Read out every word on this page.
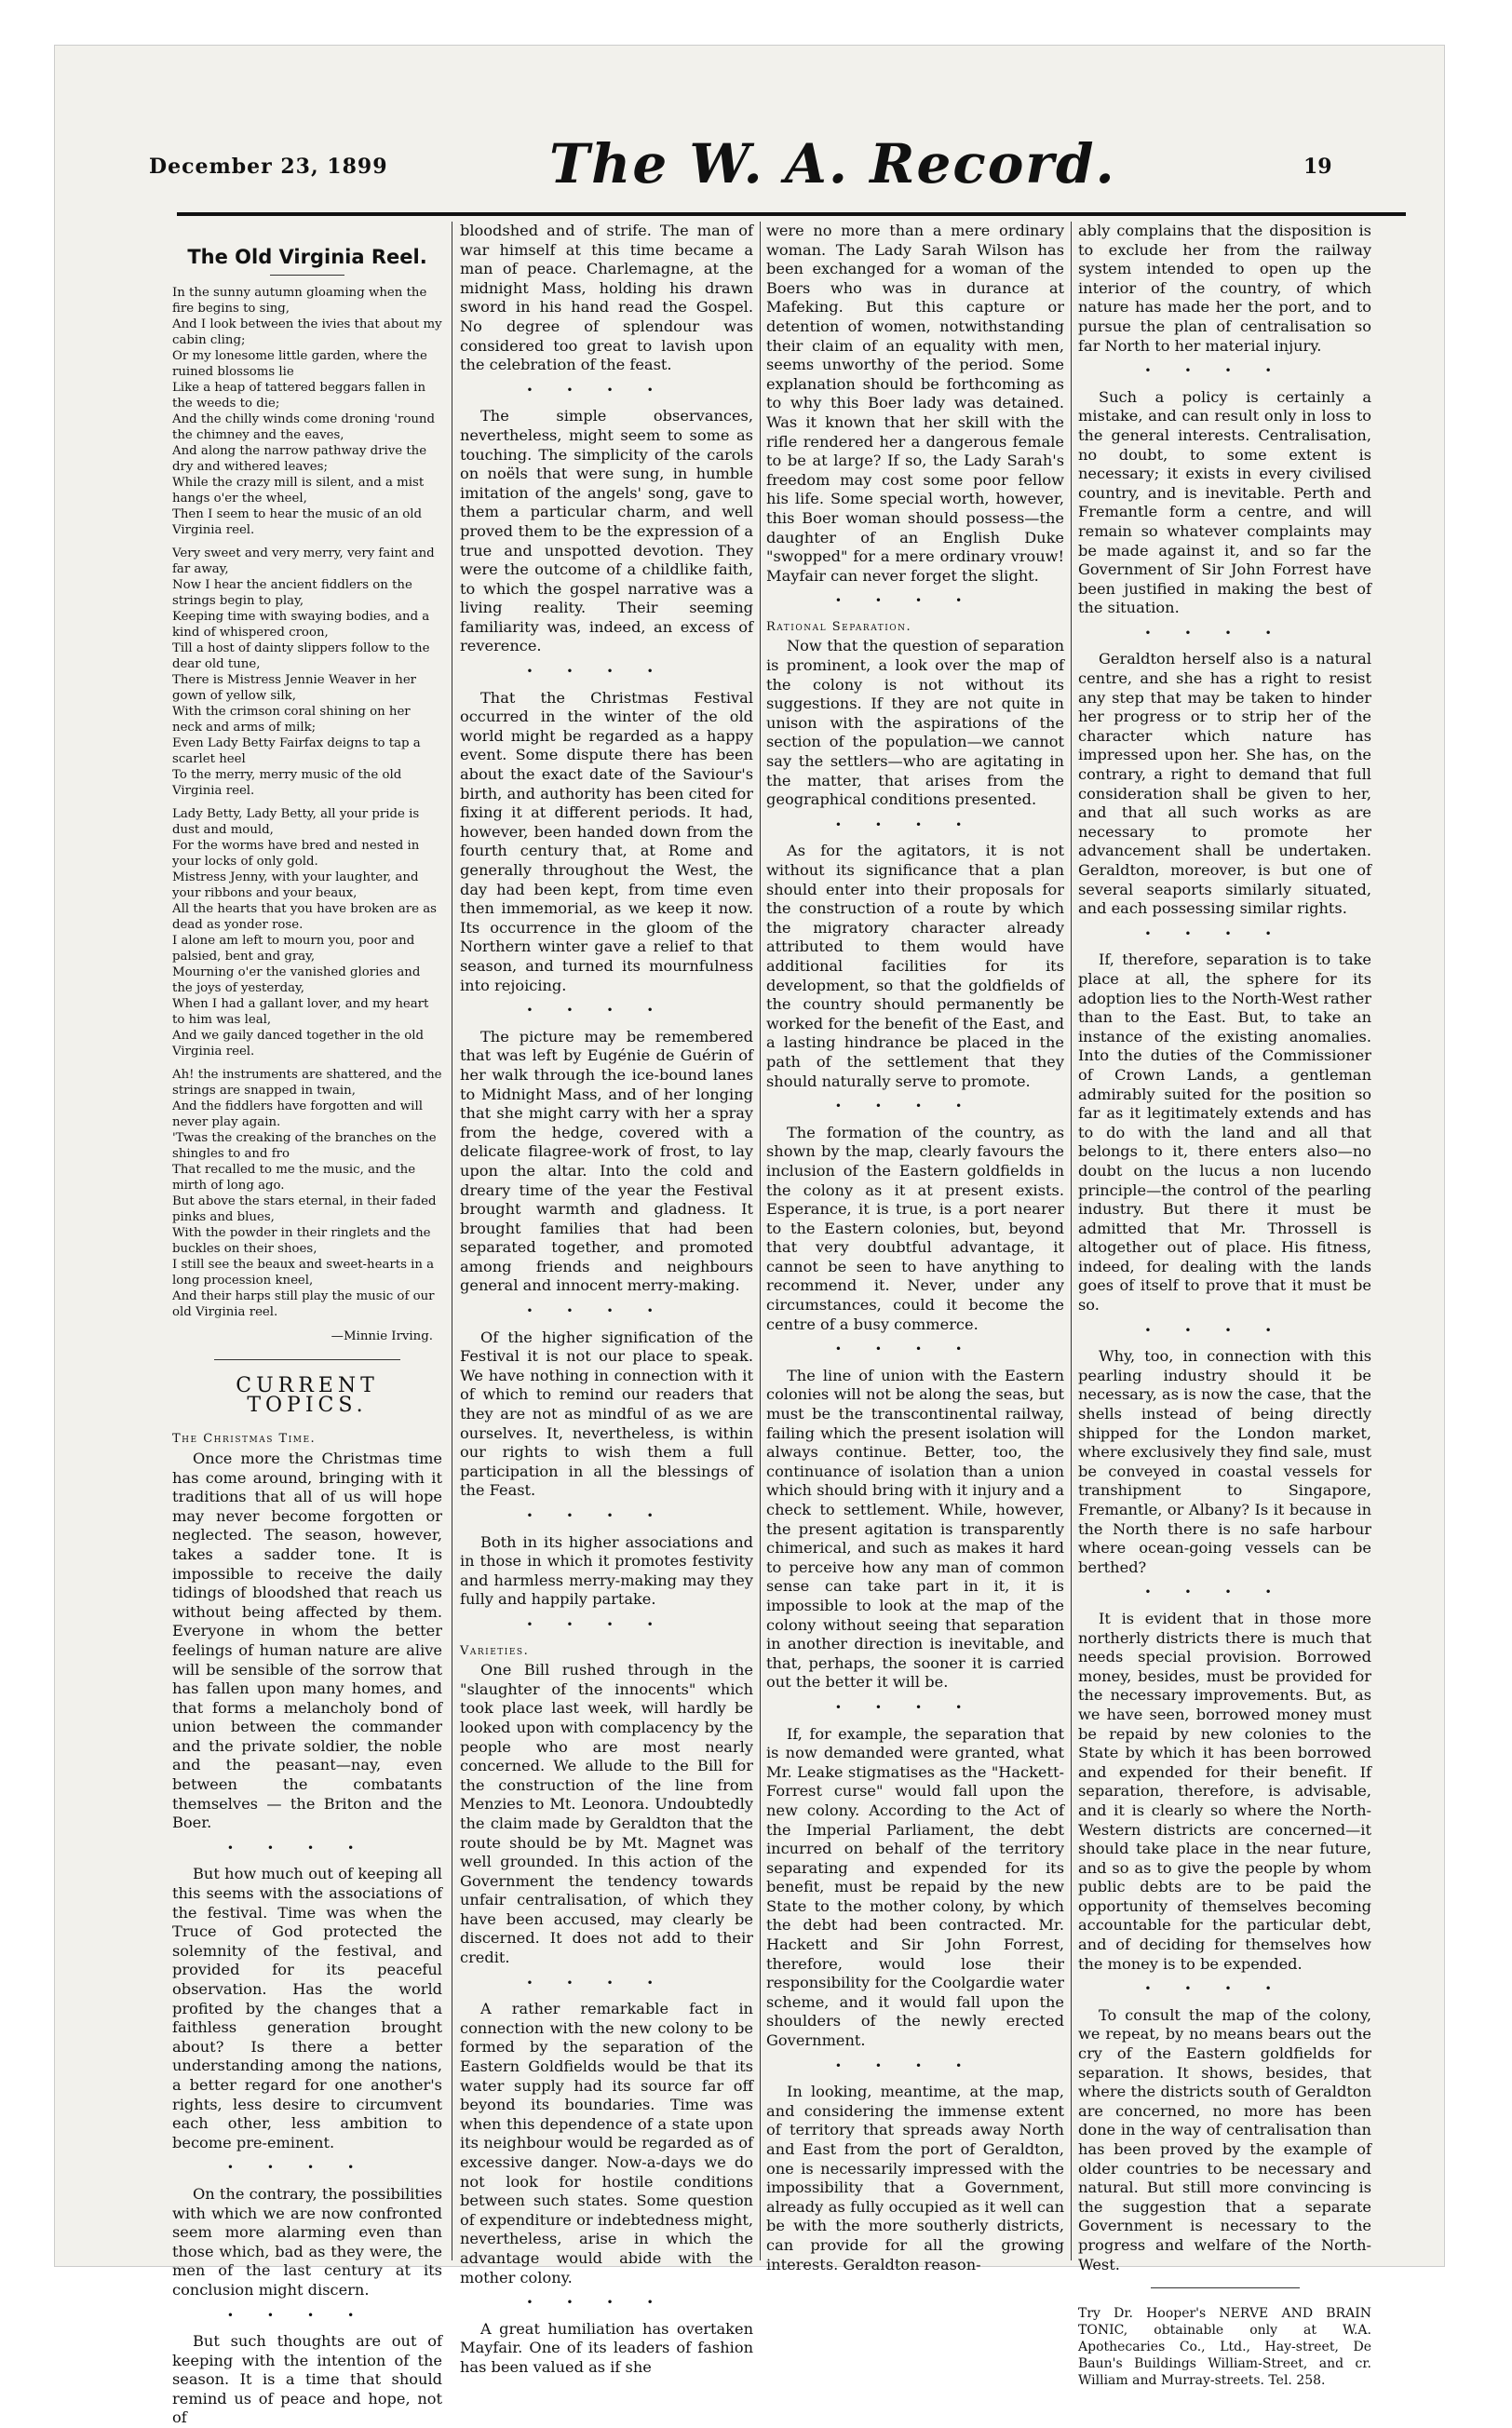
December 23, 1899	The W. A. Record.	19
The Old Virginia Reel.
In the sunny autumn gloaming when the fire begins to sing,
And I look between the ivies that about my cabin cling;
Or my lonesome little garden, where the ruined blossoms lie
Like a heap of tattered beggars fallen in the weeds to die;
And the chilly winds come droning 'round the chimney and the eaves,
And along the narrow pathway drive the dry and withered leaves;
While the crazy mill is silent, and a mist hangs o'er the wheel,
Then I seem to hear the music of an old Virginia reel.
Very sweet and very merry, very faint and far away,
Now I hear the ancient fiddlers on the strings begin to play,
Keeping time with swaying bodies, and a kind of whispered croon,
Till a host of dainty slippers follow to the dear old tune,
There is Mistress Jennie Weaver in her gown of yellow silk,
With the crimson coral shining on her neck and arms of milk;
Even Lady Betty Fairfax deigns to tap a scarlet heel
To the merry, merry music of the old Virginia reel.
Lady Betty, Lady Betty, all your pride is dust and mould,
For the worms have bred and nested in your locks of only gold.
Mistress Jenny, with your laughter, and your ribbons and your beaux,
All the hearts that you have broken are as dead as yonder rose.
I alone am left to mourn you, poor and palsied, bent and gray,
Mourning o'er the vanished glories and the joys of yesterday,
When I had a gallant lover, and my heart to him was leal,
And we gaily danced together in the old Virginia reel.
Ah! the instruments are shattered, and the strings are snapped in twain,
And the fiddlers have forgotten and will never play again.
'Twas the creaking of the branches on the shingles to and fro
That recalled to me the music, and the mirth of long ago.
But above the stars eternal, in their faded pinks and blues,
With the powder in their ringlets and the buckles on their shoes,
I still see the beaux and sweet-hearts in a long procession kneel,
And their harps still play the music of our old Virginia reel.
—Minnie Irving.
CURRENT TOPICS.
The Christmas Time.

Once more the Christmas time has come around, bringing with it traditions that all of us will hope may never become forgotten or neglected. The season, however, takes a sadder tone. It is impossible to receive the daily tidings of bloodshed that reach us without being affected by them. Everyone in whom the better feelings of human nature are alive will be sensible of the sorrow that has fallen upon many homes, and that forms a melancholy bond of union between the commander and the private soldier, the noble and the peasant—nay, even between the combatants themselves — the Briton and the Boer.

••••

But how much out of keeping all this seems with the associations of the festival. Time was when the Truce of God protected the solemnity of the festival, and provided for its peaceful observation. Has the world profited by the changes that a faithless generation brought about? Is there a better understanding among the nations, a better regard for one another's rights, less desire to circumvent each other, less ambition to become pre-eminent.

••••

On the contrary, the possibilities with which we are now confronted seem more alarming even than those which, bad as they were, the men of the last century at its conclusion might discern.

••••

But such thoughts are out of keeping with the intention of the season. It is a time that should remind us of peace and hope, not of

bloodshed and of strife. The man of war himself at this time became a man of peace. Charlemagne, at the midnight Mass, holding his drawn sword in his hand read the Gospel. No degree of splendour was considered too great to lavish upon the celebration of the feast.

••••

The simple observances, nevertheless, might seem to some as touching. The simplicity of the carols on noëls that were sung, in humble imitation of the angels' song, gave to them a particular charm, and well proved them to be the expression of a true and unspotted devotion. They were the outcome of a childlike faith, to which the gospel narrative was a living reality. Their seeming familiarity was, indeed, an excess of reverence.

••••

That the Christmas Festival occurred in the winter of the old world might be regarded as a happy event. Some dispute there has been about the exact date of the Saviour's birth, and authority has been cited for fixing it at different periods. It had, however, been handed down from the fourth century that, at Rome and generally throughout the West, the day had been kept, from time even then immemorial, as we keep it now. Its occurrence in the gloom of the Northern winter gave a relief to that season, and turned its mournfulness into rejoicing.

••••

The picture may be remembered that was left by Eugénie de Guérin of her walk through the ice-bound lanes to Midnight Mass, and of her longing that she might carry with her a spray from the hedge, covered with a delicate filagree-work of frost, to lay upon the altar. Into the cold and dreary time of the year the Festival brought warmth and gladness. It brought families that had been separated together, and promoted among friends and neighbours general and innocent merry-making.

••••

Of the higher signification of the Festival it is not our place to speak. We have nothing in connection with it of which to remind our readers that they are not as mindful of as we are ourselves. It, nevertheless, is within our rights to wish them a full participation in all the blessings of the Feast.

••••

Both in its higher associations and in those in which it promotes festivity and harmless merry-making may they fully and happily partake.

••••
Varieties.

One Bill rushed through in the "slaughter of the innocents" which took place last week, will hardly be looked upon with complacency by the people who are most nearly concerned. We allude to the Bill for the construction of the line from Menzies to Mt. Leonora. Undoubtedly the claim made by Geraldton that the route should be by Mt. Magnet was well grounded. In this action of the Government the tendency towards unfair centralisation, of which they have been accused, may clearly be discerned. It does not add to their credit.

••••

A rather remarkable fact in connection with the new colony to be formed by the separation of the Eastern Goldfields would be that its water supply had its source far off beyond its boundaries. Time was when this dependence of a state upon its neighbour would be regarded as of excessive danger. Now-a-days we do not look for hostile conditions between such states. Some question of expenditure or indebtedness might, nevertheless, arise in which the advantage would abide with the mother colony.

••••

A great humiliation has overtaken Mayfair. One of its leaders of fashion has been valued as if she

were no more than a mere ordinary woman. The Lady Sarah Wilson has been exchanged for a woman of the Boers who was in durance at Mafeking. But this capture or detention of women, notwithstanding their claim of an equality with men, seems unworthy of the period. Some explanation should be forthcoming as to why this Boer lady was detained. Was it known that her skill with the rifle rendered her a dangerous female to be at large? If so, the Lady Sarah's freedom may cost some poor fellow his life. Some special worth, however, this Boer woman should possess—the daughter of an English Duke "swopped" for a mere ordinary vrouw! Mayfair can never forget the slight.

••••
Rational Separation.

Now that the question of separation is prominent, a look over the map of the colony is not without its suggestions. If they are not quite in unison with the aspirations of the section of the population—we cannot say the settlers—who are agitating in the matter, that arises from the geographical conditions presented.

••••

As for the agitators, it is not without its significance that a plan should enter into their proposals for the construction of a route by which the migratory character already attributed to them would have additional facilities for its development, so that the goldfields of the country should permanently be worked for the benefit of the East, and a lasting hindrance be placed in the path of the settlement that they should naturally serve to promote.

••••

The formation of the country, as shown by the map, clearly favours the inclusion of the Eastern goldfields in the colony as it at present exists. Esperance, it is true, is a port nearer to the Eastern colonies, but, beyond that very doubtful advantage, it cannot be seen to have anything to recommend it. Never, under any circumstances, could it become the centre of a busy commerce.

••••

The line of union with the Eastern colonies will not be along the seas, but must be the transcontinental railway, failing which the present isolation will always continue. Better, too, the continuance of isolation than a union which should bring with it injury and a check to settlement. While, however, the present agitation is transparently chimerical, and such as makes it hard to perceive how any man of common sense can take part in it, it is impossible to look at the map of the colony without seeing that separation in another direction is inevitable, and that, perhaps, the sooner it is carried out the better it will be.

••••

If, for example, the separation that is now demanded were granted, what Mr. Leake stigmatises as the "Hackett-Forrest curse" would fall upon the new colony. According to the Act of the Imperial Parliament, the debt incurred on behalf of the territory separating and expended for its benefit, must be repaid by the new State to the mother colony, by which the debt had been contracted. Mr. Hackett and Sir John Forrest, therefore, would lose their responsibility for the Coolgardie water scheme, and it would fall upon the shoulders of the newly erected Government.

••••

In looking, meantime, at the map, and considering the immense extent of territory that spreads away North and East from the port of Geraldton, one is necessarily impressed with the impossibility that a Government, already as fully occupied as it well can be with the more southerly districts, can provide for all the growing interests. Geraldton reason-

ably complains that the disposition is to exclude her from the railway system intended to open up the interior of the country, of which nature has made her the port, and to pursue the plan of centralisation so far North to her material injury.

••••

Such a policy is certainly a mistake, and can result only in loss to the general interests. Centralisation, no doubt, to some extent is necessary; it exists in every civilised country, and is inevitable. Perth and Fremantle form a centre, and will remain so whatever complaints may be made against it, and so far the Government of Sir John Forrest have been justified in making the best of the situation.

••••

Geraldton herself also is a natural centre, and she has a right to resist any step that may be taken to hinder her progress or to strip her of the character which nature has impressed upon her. She has, on the contrary, a right to demand that full consideration shall be given to her, and that all such works as are necessary to promote her advancement shall be undertaken. Geraldton, moreover, is but one of several seaports similarly situated, and each possessing similar rights.

••••

If, therefore, separation is to take place at all, the sphere for its adoption lies to the North-West rather than to the East. But, to take an instance of the existing anomalies. Into the duties of the Commissioner of Crown Lands, a gentleman admirably suited for the position so far as it legitimately extends and has to do with the land and all that belongs to it, there enters also—no doubt on the lucus a non lucendo principle—the control of the pearling industry. But there it must be admitted that Mr. Throssell is altogether out of place. His fitness, indeed, for dealing with the lands goes of itself to prove that it must be so.

••••

Why, too, in connection with this pearling industry should it be necessary, as is now the case, that the shells instead of being directly shipped for the London market, where exclusively they find sale, must be conveyed in coastal vessels for transhipment to Singapore, Fremantle, or Albany? Is it because in the North there is no safe harbour where ocean-going vessels can be berthed?

••••

It is evident that in those more northerly districts there is much that needs special provision. Borrowed money, besides, must be provided for the necessary improvements. But, as we have seen, borrowed money must be repaid by new colonies to the State by which it has been borrowed and expended for their benefit. If separation, therefore, is advisable, and it is clearly so where the North-Western districts are concerned—it should take place in the near future, and so as to give the people by whom public debts are to be paid the opportunity of themselves becoming accountable for the particular debt, and of deciding for themselves how the money is to be expended.

••••

To consult the map of the colony, we repeat, by no means bears out the cry of the Eastern goldfields for separation. It shows, besides, that where the districts south of Geraldton are concerned, no more has been done in the way of centralisation than has been proved by the example of older countries to be necessary and natural. But still more convincing is the suggestion that a separate Government is necessary to the progress and welfare of the North-West.

Try Dr. Hooper's NERVE AND BRAIN TONIC, obtainable only at W.A. Apothecaries Co., Ltd., Hay-street, De Baun's Buildings William-Street, and cr. William and Murray-streets. Tel. 258.
